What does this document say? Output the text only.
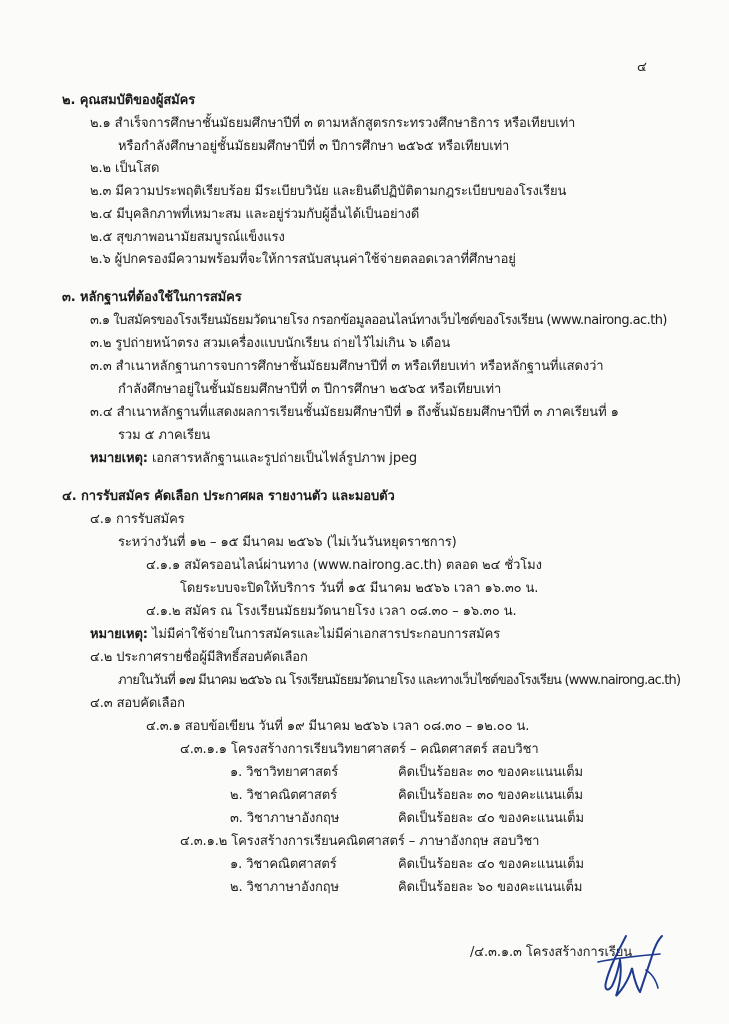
๔
๒. คุณสมบัติของผู้สมัคร
๒.๑ สำเร็จการศึกษาชั้นมัธยมศึกษาปีที่ ๓ ตามหลักสูตรกระทรวงศึกษาธิการ หรือเทียบเท่า
หรือกำลังศึกษาอยู่ชั้นมัธยมศึกษาปีที่ ๓ ปีการศึกษา ๒๕๖๕ หรือเทียบเท่า
๒.๒ เป็นโสด
๒.๓ มีความประพฤติเรียบร้อย มีระเบียบวินัย และยินดีปฏิบัติตามกฎระเบียบของโรงเรียน
๒.๔ มีบุคลิกภาพที่เหมาะสม และอยู่ร่วมกับผู้อื่นได้เป็นอย่างดี
๒.๕ สุขภาพอนามัยสมบูรณ์แข็งแรง
๒.๖ ผู้ปกครองมีความพร้อมที่จะให้การสนับสนุนค่าใช้จ่ายตลอดเวลาที่ศึกษาอยู่
๓. หลักฐานที่ต้องใช้ในการสมัคร
๓.๑ ใบสมัครของโรงเรียนมัธยมวัดนายโรง กรอกข้อมูลออนไลน์ทางเว็บไซต์ของโรงเรียน (www.nairong.ac.th)
๓.๒ รูปถ่ายหน้าตรง สวมเครื่องแบบนักเรียน ถ่ายไว้ไม่เกิน ๖ เดือน
๓.๓ สำเนาหลักฐานการจบการศึกษาชั้นมัธยมศึกษาปีที่ ๓ หรือเทียบเท่า หรือหลักฐานที่แสดงว่า
กำลังศึกษาอยู่ในชั้นมัธยมศึกษาปีที่ ๓ ปีการศึกษา ๒๕๖๕ หรือเทียบเท่า
๓.๔ สำเนาหลักฐานที่แสดงผลการเรียนชั้นมัธยมศึกษาปีที่ ๑ ถึงชั้นมัธยมศึกษาปีที่ ๓ ภาคเรียนที่ ๑
รวม ๕ ภาคเรียน
หมายเหตุ: เอกสารหลักฐานและรูปถ่ายเป็นไฟล์รูปภาพ jpeg
๔. การรับสมัคร คัดเลือก ประกาศผล รายงานตัว และมอบตัว
๔.๑ การรับสมัคร
ระหว่างวันที่ ๑๒ – ๑๕ มีนาคม ๒๕๖๖ (ไม่เว้นวันหยุดราชการ)
๔.๑.๑ สมัครออนไลน์ผ่านทาง (www.nairong.ac.th) ตลอด ๒๔ ชั่วโมง
โดยระบบจะปิดให้บริการ วันที่ ๑๕ มีนาคม ๒๕๖๖ เวลา ๑๖.๓๐ น.
๔.๑.๒ สมัคร ณ โรงเรียนมัธยมวัดนายโรง เวลา ๐๘.๓๐ – ๑๖.๓๐ น.
หมายเหตุ: ไม่มีค่าใช้จ่ายในการสมัครและไม่มีค่าเอกสารประกอบการสมัคร
๔.๒ ประกาศรายชื่อผู้มีสิทธิ์สอบคัดเลือก
ภายในวันที่ ๑๗ มีนาคม ๒๕๖๖ ณ โรงเรียนมัธยมวัดนายโรง และทางเว็บไซต์ของโรงเรียน (www.nairong.ac.th)
๔.๓ สอบคัดเลือก
๔.๓.๑ สอบข้อเขียน วันที่ ๑๙ มีนาคม ๒๕๖๖ เวลา ๐๘.๓๐ – ๑๒.๐๐ น.
๔.๓.๑.๑ โครงสร้างการเรียนวิทยาศาสตร์ – คณิตศาสตร์ สอบวิชา
๑. วิชาวิทยาศาสตร์	คิดเป็นร้อยละ ๓๐ ของคะแนนเต็ม
๒. วิชาคณิตศาสตร์	คิดเป็นร้อยละ ๓๐ ของคะแนนเต็ม
๓. วิชาภาษาอังกฤษ	คิดเป็นร้อยละ ๔๐ ของคะแนนเต็ม
๔.๓.๑.๒ โครงสร้างการเรียนคณิตศาสตร์ – ภาษาอังกฤษ สอบวิชา
๑. วิชาคณิตศาสตร์	คิดเป็นร้อยละ ๔๐ ของคะแนนเต็ม
๒. วิชาภาษาอังกฤษ	คิดเป็นร้อยละ ๖๐ ของคะแนนเต็ม
/๔.๓.๑.๓ โครงสร้างการเรียน
